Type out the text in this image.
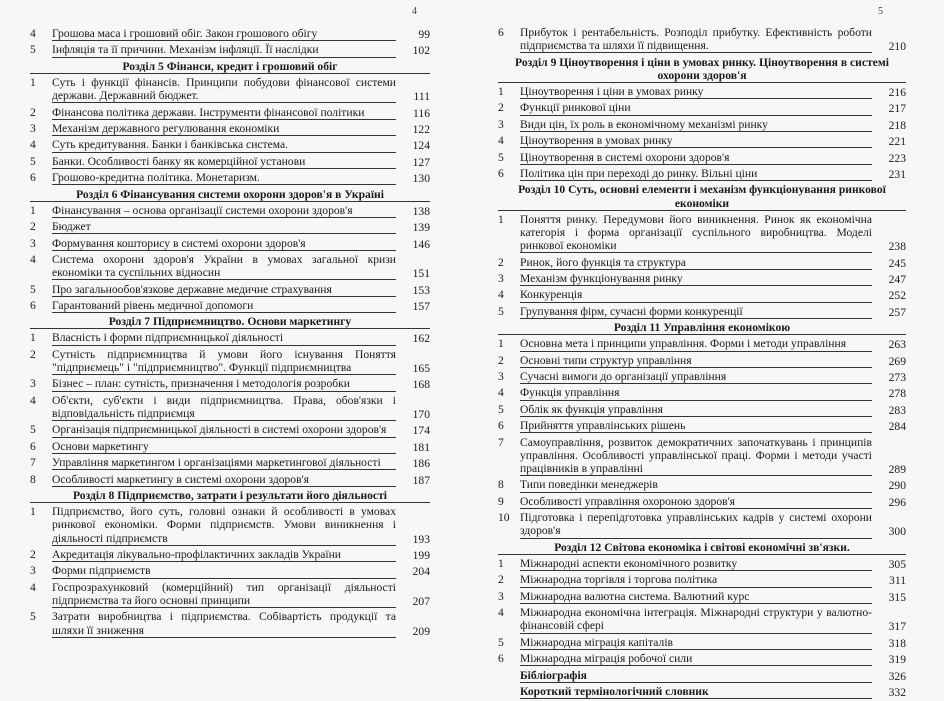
4
4	Грошова маса і грошовий обіг. Закон грошового обігу	99
5	Інфляція та її причини. Механізм інфляції. Її наслідки	102
Розділ 5 Фінанси, кредит і грошовий обіг
1	Суть і функції фінансів. Принципи побудови фінансової системи держави. Державний бюджет.	111
2	Фінансова політика держави. Інструменти фінансової політики	116
3	Механізм державного регулювання економіки	122
4	Суть кредитування. Банки і банківська система.	124
5	Банки. Особливості банку як комерційної установи	127
6	Грошово-кредитна політика. Монетаризм.	130
Розділ 6 Фінансування системи охорони здоров'я в Україні
1	Фінансування – основа організації системи охорони здоров'я	138
2	Бюджет	139
3	Формування кошторису в системі охорони здоров'я	146
4	Система охорони здоров'я України в умовах загальної кризи економіки та суспільних відносин	151
5	Про загальнообов'язкове державне медичне страхування	153
6	Гарантований рівень медичної допомоги	157
Розділ 7 Підприємництво. Основи маркетингу
1	Власність і форми підприємницької діяльності	162
2	Сутність підприємництва й умови його існування Поняття "підприємець" і "підприємництво". Функції підприємництва	165
3	Бізнес – план: сутність, призначення і методологія розробки	168
4	Об'єкти, суб'єкти і види підприємництва. Права, обов'язки і відповідальність підприємця	170
5	Організація підприємницької діяльності в системі охорони здоров'я	174
6	Основи маркетингу	181
7	Управління маркетингом і організаціями маркетингової діяльності	186
8	Особливості маркетингу в системі охорони здоров'я	187
Розділ 8 Підприємство, затрати і результати його діяльності
1	Підприємство, його суть, головні ознаки й особливості в умовах ринкової економіки. Форми підприємств. Умови виникнення і діяльності підприємств	193
2	Акредитація лікувально-профілактичних закладів України	199
3	Форми підприємств	204
4	Госпрозрахунковий (комерційний) тип організації діяльності підприємства та його основні принципи	207
5	Затрати виробництва і підприємства. Собівартість продукції та шляхи її зниження	209
5
6	Прибуток і рентабельність. Розподіл прибутку. Ефективність роботи підприємства та шляхи її підвищення.	210
Розділ 9 Ціноутворення і ціни в умовах ринку. Ціноутворення в системі охорони здоров'я
1	Ціноутворення і ціни в умовах ринку	216
2	Функції ринкової ціни	217
3	Види цін, їх роль в економічному механізмі ринку	218
4	Ціноутворення в умовах ринку	221
5	Ціноутворення в системі охорони здоров'я	223
6	Політика цін при переході до ринку. Вільні ціни	231
Розділ 10 Суть, основні елементи і механізм функціонування ринкової економіки
1	Поняття ринку. Передумови його виникнення. Ринок як економічна категорія і форма організації суспільного виробництва. Моделі ринкової економіки	238
2	Ринок, його функція та структура	245
3	Механізм функціонування ринку	247
4	Конкуренція	252
5	Групування фірм, сучасні форми конкуренції	257
Розділ 11 Управління економікою
1	Основна мета і принципи управління. Форми і методи управління	263
2	Основні типи структур управління	269
3	Сучасні вимоги до організації управління	273
4	Функція управління	278
5	Облік як функція управління	283
6	Прийняття управлінських рішень	284
7	Самоуправління, розвиток демократичних започаткувань і принципів управління. Особливості управлінської праці. Форми і методи участі працівників в управлінні	289
8	Типи поведінки менеджерів	290
9	Особливості управління охороною здоров'я	296
10 Підготовка і перепідготовка управлінських кадрів у системі охорони здоров'я	300
Розділ 12 Світова економіка і світові економічні зв'язки.
1	Міжнародні аспекти економічного розвитку	305
2	Міжнародна торгівля і торгова політика	311
3	Міжнародна валютна система. Валютний курс	315
4	Міжнародна економічна інтеграція. Міжнародні структури у валютно-фінансовій сфері	317
5	Міжнародна міграція капіталів	318
6	Міжнародна міграція робочої сили	319
Бібліографія	326
Короткий термінологічний словник	332
